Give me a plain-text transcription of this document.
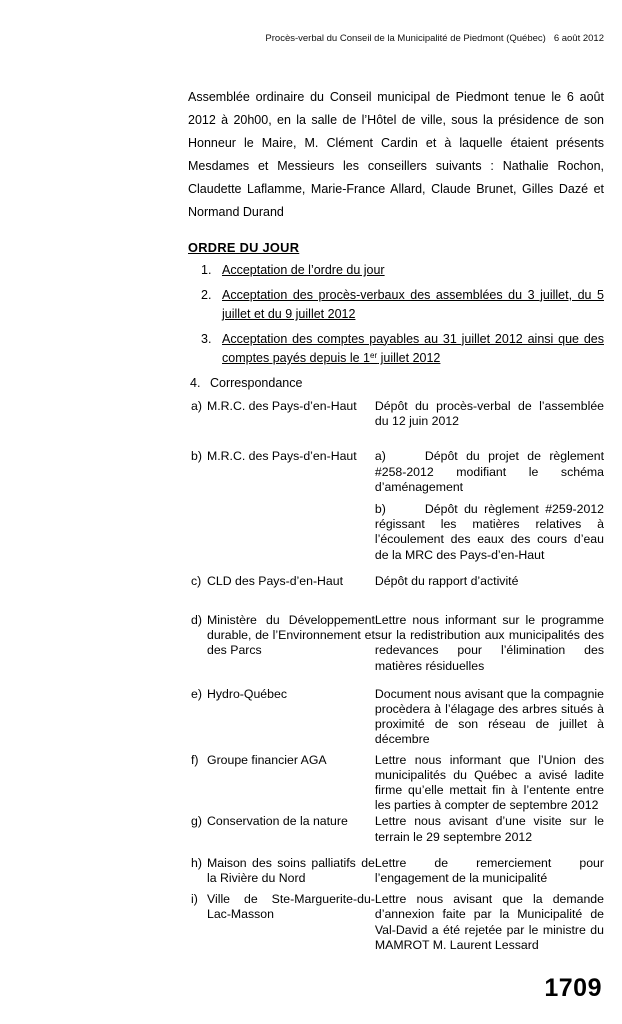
Procès-verbal du Conseil de la Municipalité de Piedmont (Québec) 6 août 2012

Assemblée ordinaire du Conseil municipal de Piedmont tenue le 6 août 2012 à 20h00, en la salle de l’Hôtel de ville, sous la présidence de son Honneur le Maire, M. Clément Cardin et à laquelle étaient présents Mesdames et Messieurs les conseillers suivants : Nathalie Rochon, Claudette Laflamme, Marie-France Allard, Claude Brunet, Gilles Dazé et Normand Durand

ORDRE DU JOUR
1. Acceptation de l’ordre du jour
2. Acceptation des procès-verbaux des assemblées du 3 juillet, du 5 juillet et du 9 juillet 2012
3. Acceptation des comptes payables au 31 juillet 2012 ainsi que des comptes payés depuis le 1er juillet 2012
4. Correspondance
a) M.R.C. des Pays-d’en-Haut	Dépôt du procès-verbal de l’assemblée du 12 juin 2012
b) M.R.C. des Pays-d’en-Haut	a)	Dépôt du projet de règlement #258-2012 modifiant le schéma d’aménagement

b)	Dépôt du règlement #259-2012 régissant les matières relatives à l’écoulement des eaux des cours d’eau de la MRC des Pays-d’en-Haut

c) CLD des Pays-d’en-Haut	Dépôt du rapport d’activité
d) Ministère du Développement durable, de l’Environnement et des Parcs
Lettre nous informant sur le programme sur la redistribution aux municipalités des redevances pour l’élimination des matières résiduelles
e) Hydro-Québec	Document nous avisant que la compagnie procèdera à l’élagage des arbres situés à proximité de son réseau de juillet à décembre
f) Groupe financier AGA	Lettre nous informant que l’Union des municipalités du Québec a avisé ladite firme qu’elle mettait fin à l’entente entre les parties à compter de septembre 2012
g) Conservation de la nature	Lettre nous avisant d’une visite sur le terrain le 29 septembre 2012
h) Maison des soins palliatifs de la Rivière du Nord
Lettre de remerciement pour l’engagement de la municipalité
i) Ville de Ste-Marguerite-du-Lac-Masson
Lettre nous avisant que la demande d’annexion faite par la Municipalité de Val-David a été rejetée par le ministre du MAMROT M. Laurent Lessard
1709
